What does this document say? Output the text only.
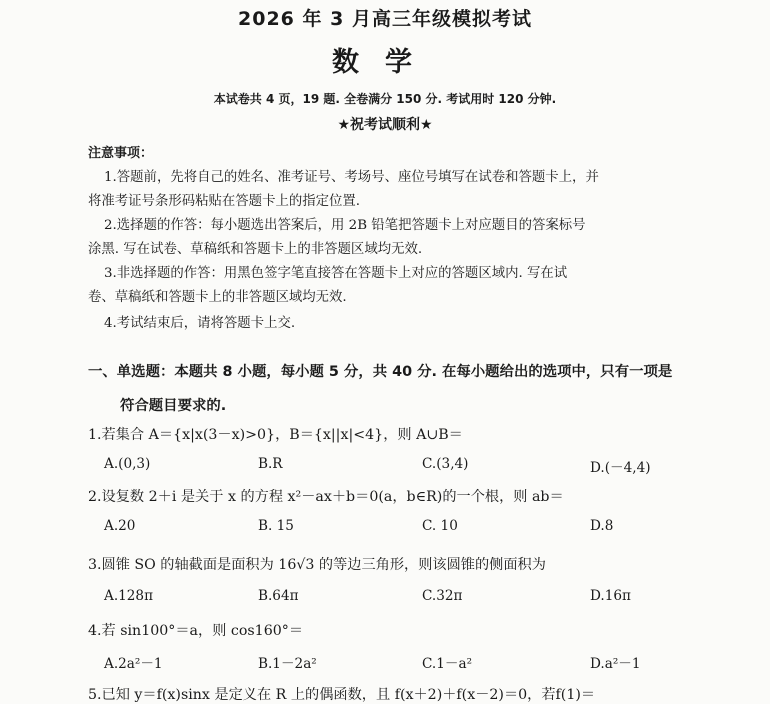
2026 年 3 月高三年级模拟考试
数学
本试卷共 4 页，19 题. 全卷满分 150 分. 考试用时 120 分钟.
★祝考试顺利★
注意事项：
1.答题前，先将自己的姓名、准考证号、考场号、座位号填写在试卷和答题卡上，并
将准考证号条形码粘贴在答题卡上的指定位置.
2.选择题的作答：每小题选出答案后，用 2B 铅笔把答题卡上对应题目的答案标号
涂黑. 写在试卷、草稿纸和答题卡上的非答题区域均无效.
3.非选择题的作答：用黑色签字笔直接答在答题卡上对应的答题区域内. 写在试
卷、草稿纸和答题卡上的非答题区域均无效.
4.考试结束后，请将答题卡上交.
一、单选题：本题共 8 小题，每小题 5 分，共 40 分. 在每小题给出的选项中，只有一项是
符合题目要求的.
1.若集合 A＝{x|x(3－x)>0}，B＝{x||x|<4}，则 A∪B＝
A.(0,3)	B.R	C.(3,4)	D.(－4,4)
2.设复数 2＋i 是关于 x 的方程 x²－ax＋b＝0(a，b∈R)的一个根，则 ab＝
A.20	B. 15	C. 10	D.8
3.圆锥 SO 的轴截面是面积为 16√3 的等边三角形，则该圆锥的侧面积为
A.128π	B.64π	C.32π	D.16π
4.若 sin100°＝a，则 cos160°＝
A.2a²－1	B.1－2a²	C.1－a²	D.a²－1
5.已知 y＝f(x)sinx 是定义在 R 上的偶函数，且 f(x＋2)＋f(x－2)＝0，若f(1)＝
